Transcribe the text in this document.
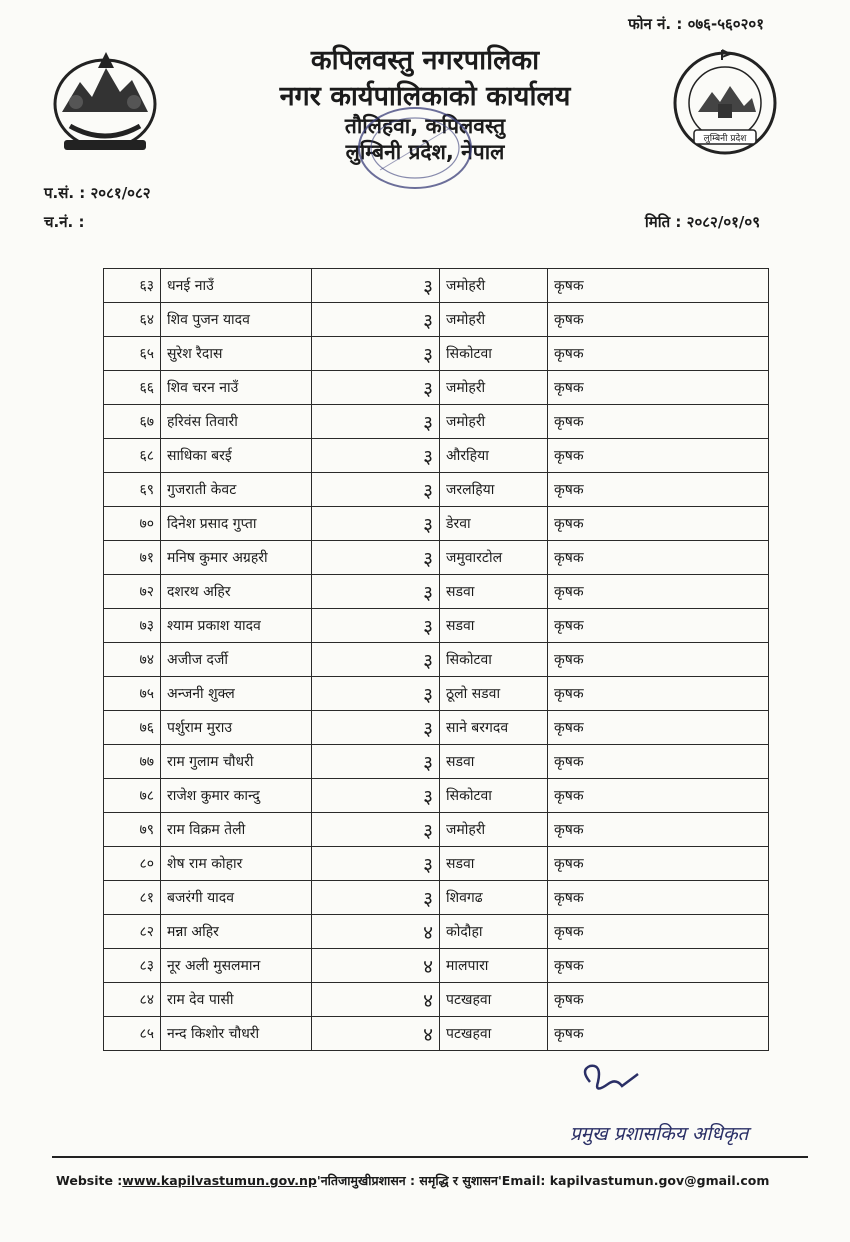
फोन नं. : ०७६-५६०२०१
कपिलवस्तु नगरपालिका
नगर कार्यपालिकाको कार्यालय
तौलिहवा, कपिलवस्तु
लुम्बिनी प्रदेश, नेपाल
लुम्बिनी प्रदेश
प.सं. : २०८१/०८२
च.नं. :	मिति : २०८२/०१/०९
६३	धनई नाउँ	३	जमोहरी	कृषक
६४	शिव पुजन यादव	३	जमोहरी	कृषक
६५	सुरेश रैदास	३	सिकोटवा	कृषक
६६	शिव चरन नाउँ	३	जमोहरी	कृषक
६७	हरिवंस तिवारी	३	जमोहरी	कृषक
६८	साधिका बरई	३	औरहिया	कृषक
६९	गुजराती केवट	३	जरलहिया	कृषक
७०	दिनेश प्रसाद गुप्ता	३	डेरवा	कृषक
७१	मनिष कुमार अग्रहरी	३	जमुवारटोल	कृषक
७२	दशरथ अहिर	३	सडवा	कृषक
७३	श्याम प्रकाश यादव	३	सडवा	कृषक
७४	अजीज दर्जी	३	सिकोटवा	कृषक
७५	अन्जनी शुक्ल	३	ठूलो सडवा	कृषक
७६	पर्शुराम मुराउ	३	साने बरगदव	कृषक
७७	राम गुलाम चौधरी	३	सडवा	कृषक
७८	राजेश कुमार कान्दु	३	सिकोटवा	कृषक
७९	राम विक्रम तेली	३	जमोहरी	कृषक
८०	शेष राम कोहार	३	सडवा	कृषक
८१	बजरंगी यादव	३	शिवगढ	कृषक
८२	मन्ना अहिर	४	कोदौहा	कृषक
८३	नूर अली मुसलमान	४	मालपारा	कृषक
८४	राम देव पासी	४	पटखहवा	कृषक
८५	नन्द किशोर चौधरी	४	पटखहवा	कृषक
प्रमुख प्रशासकिय अधिकृत
Website :www.kapilvastumun.gov.np'नतिजामुखीप्रशासन : समृद्धि र सुशासन'Email: kapilvastumun.gov@gmail.com
